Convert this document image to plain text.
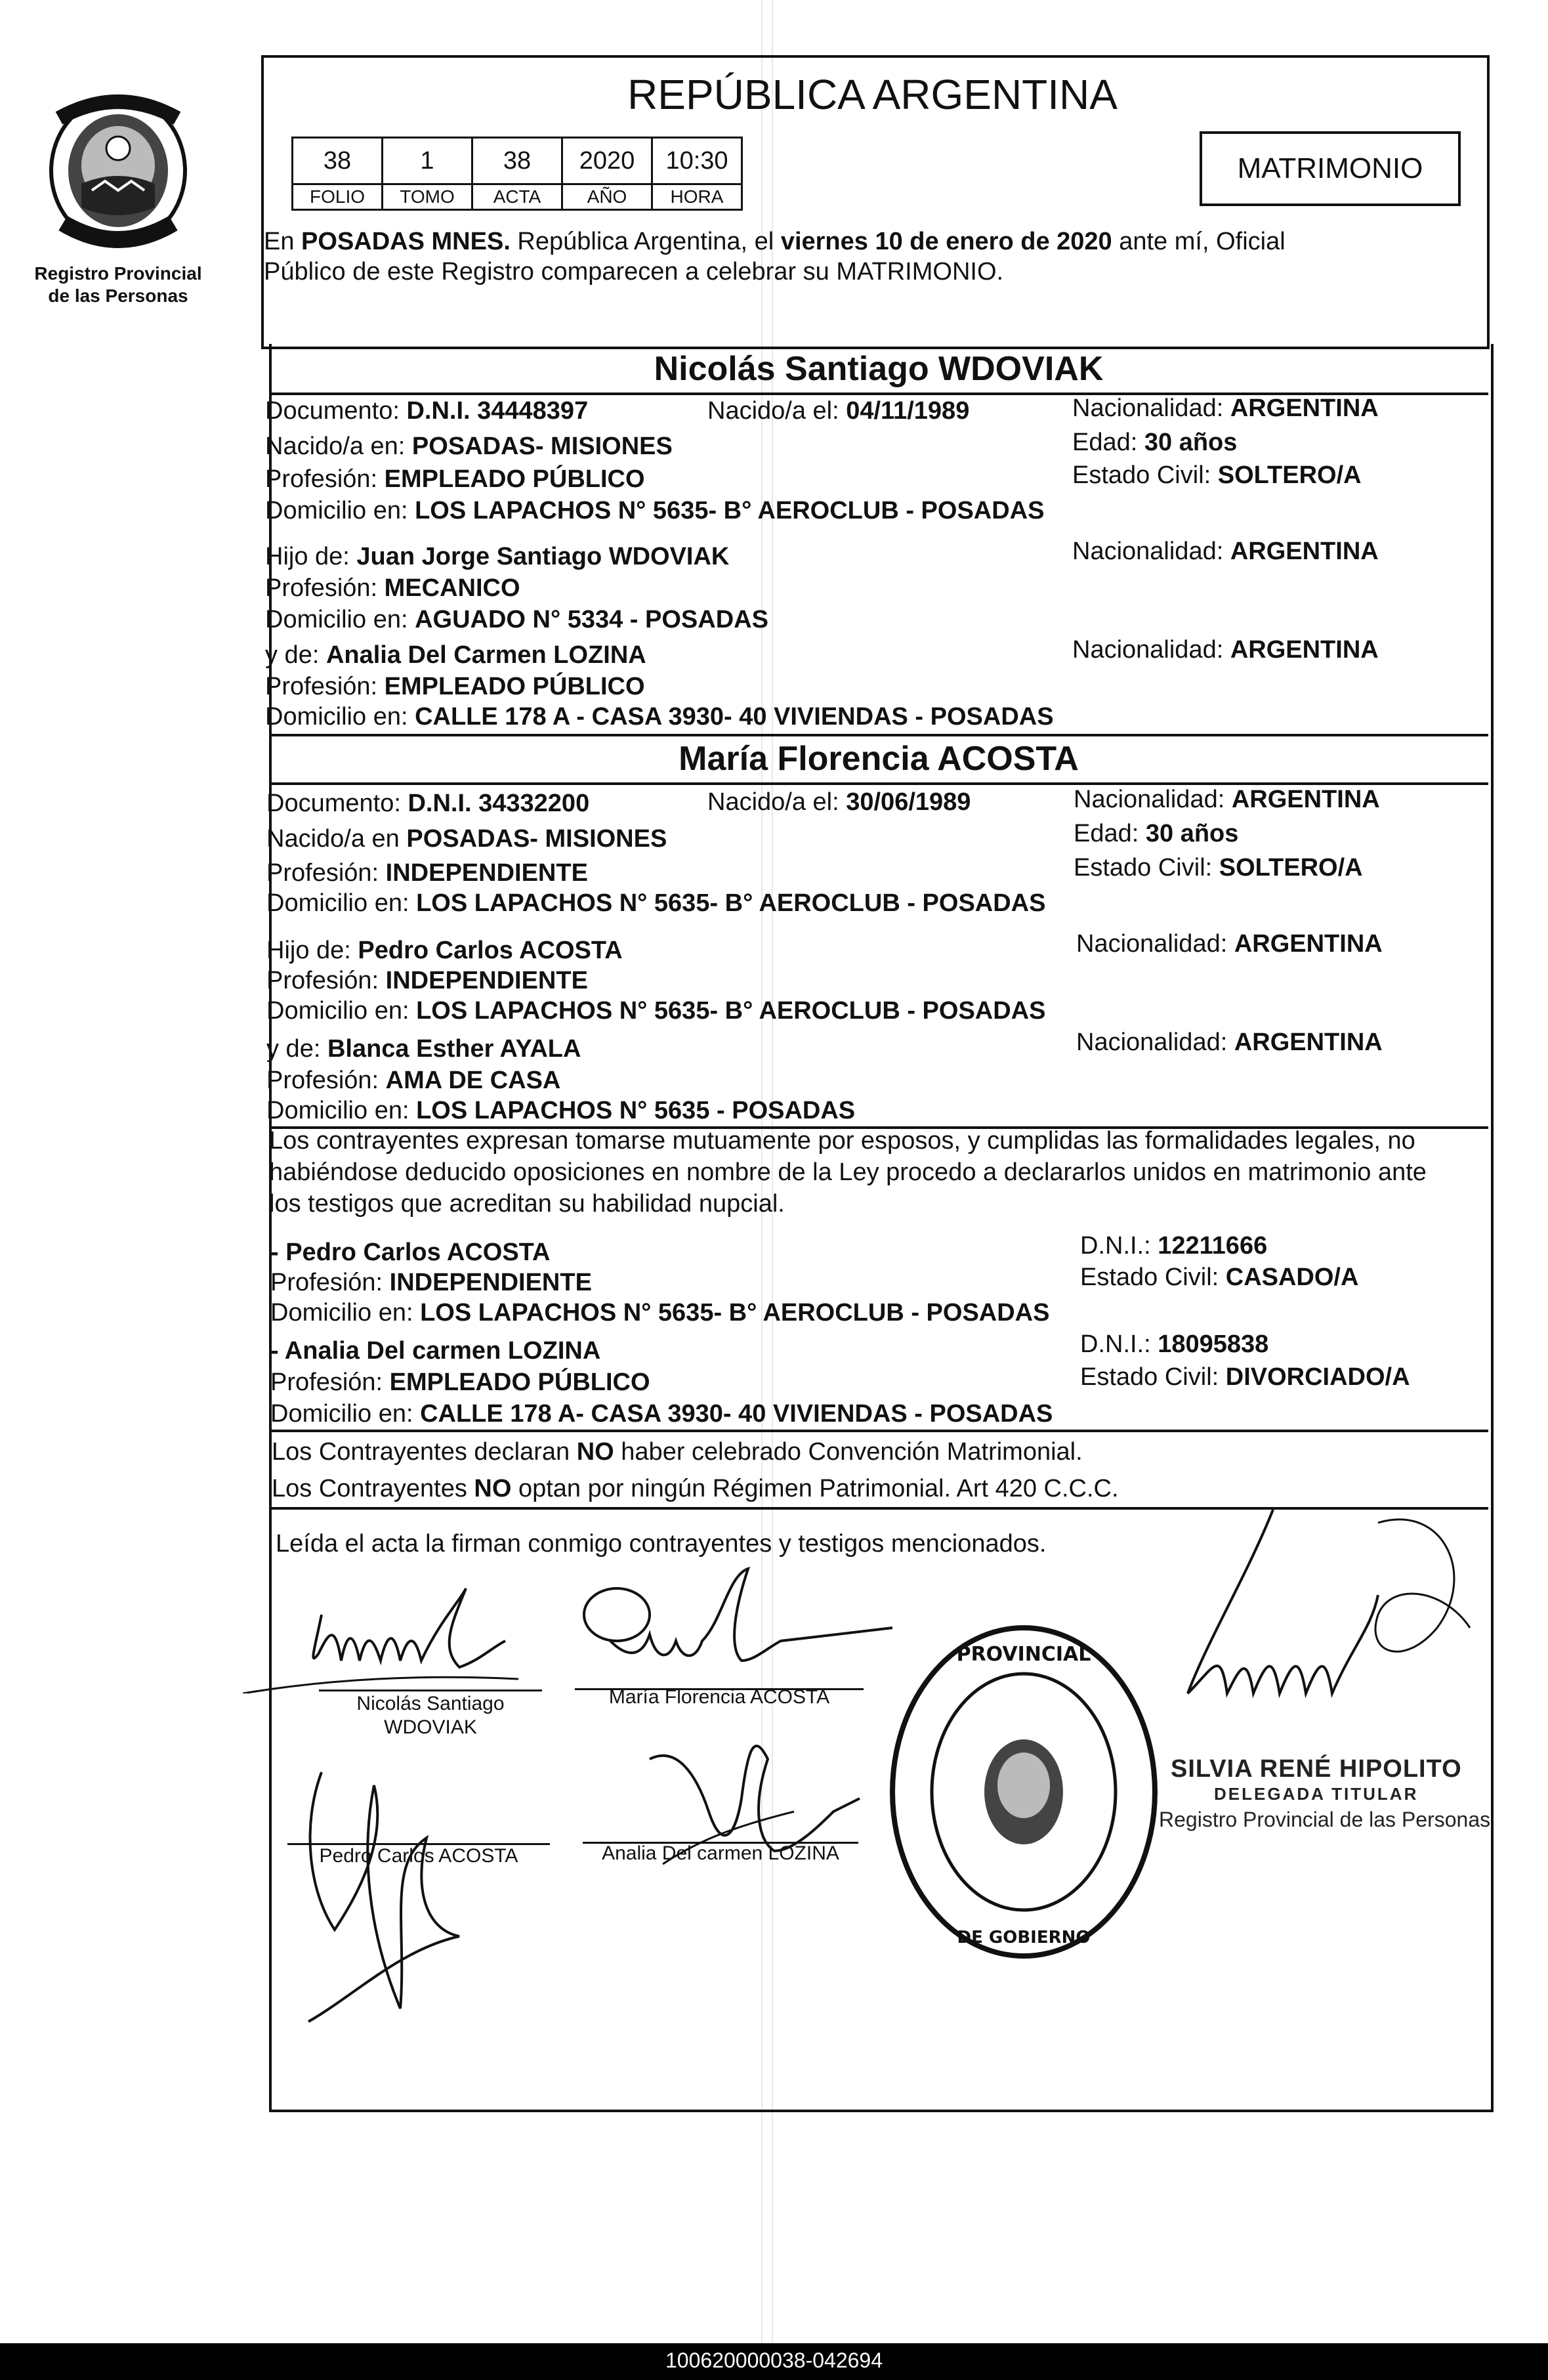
Registro Provincial
de las Personas
REPÚBLICA ARGENTINA
38	1	38	2020	10:30
FOLIO	TOMO	ACTA	AÑO	HORA
MATRIMONIO
En POSADAS MNES. República Argentina, el viernes 10 de enero de 2020 ante mí, Oficial
Público de este Registro comparecen a celebrar su MATRIMONIO.
Nicolás Santiago WDOVIAK
Documento: D.N.I. 34448397	Nacido/a el: 04/11/1989	Nacionalidad: ARGENTINA
Nacido/a en: POSADAS- MISIONES	Edad: 30 años
Profesión: EMPLEADO PÚBLICO	Estado Civil: SOLTERO/A
Domicilio en: LOS LAPACHOS N° 5635- B° AEROCLUB - POSADAS
Hijo de: Juan Jorge Santiago WDOVIAK	Nacionalidad: ARGENTINA
Profesión: MECANICO
Domicilio en: AGUADO N° 5334 - POSADAS
y de: Analia Del Carmen LOZINA	Nacionalidad: ARGENTINA
Profesión: EMPLEADO PÚBLICO
Domicilio en: CALLE 178 A - CASA 3930- 40 VIVIENDAS - POSADAS
María Florencia ACOSTA
Documento: D.N.I. 34332200	Nacido/a el: 30/06/1989	Nacionalidad: ARGENTINA
Nacido/a en POSADAS- MISIONES	Edad: 30 años
Profesión: INDEPENDIENTE	Estado Civil: SOLTERO/A
Domicilio en: LOS LAPACHOS N° 5635- B° AEROCLUB - POSADAS
Hijo de: Pedro Carlos ACOSTA	Nacionalidad: ARGENTINA
Profesión: INDEPENDIENTE
Domicilio en: LOS LAPACHOS N° 5635- B° AEROCLUB - POSADAS
y de: Blanca Esther AYALA	Nacionalidad: ARGENTINA
Profesión: AMA DE CASA
Domicilio en: LOS LAPACHOS N° 5635 - POSADAS
Los contrayentes expresan tomarse mutuamente por esposos, y cumplidas las formalidades legales, no
habiéndose deducido oposiciones en nombre de la Ley procedo a declararlos unidos en matrimonio ante
los testigos que acreditan su habilidad nupcial.
- Pedro Carlos ACOSTA	D.N.I.: 12211666
Profesión: INDEPENDIENTE	Estado Civil: CASADO/A
Domicilio en: LOS LAPACHOS N° 5635- B° AEROCLUB - POSADAS
- Analia Del carmen LOZINA	D.N.I.: 18095838
Profesión: EMPLEADO PÚBLICO	Estado Civil: DIVORCIADO/A
Domicilio en: CALLE 178 A- CASA 3930- 40 VIVIENDAS - POSADAS
Los Contrayentes declaran NO haber celebrado Convención Matrimonial.
Los Contrayentes NO optan por ningún Régimen Patrimonial. Art 420 C.C.C.
Leída el acta la firman conmigo contrayentes y testigos mencionados.
Nicolás Santiago
WDOVIAK
María Florencia ACOSTA
Pedro Carlos ACOSTA	Analia Del carmen LOZINA
PROVINCIAL
DE GOBIERNO
SILVIA RENÉ HIPOLITO
DELEGADA TITULAR
Registro Provincial de las Personas
100620000038-042694
